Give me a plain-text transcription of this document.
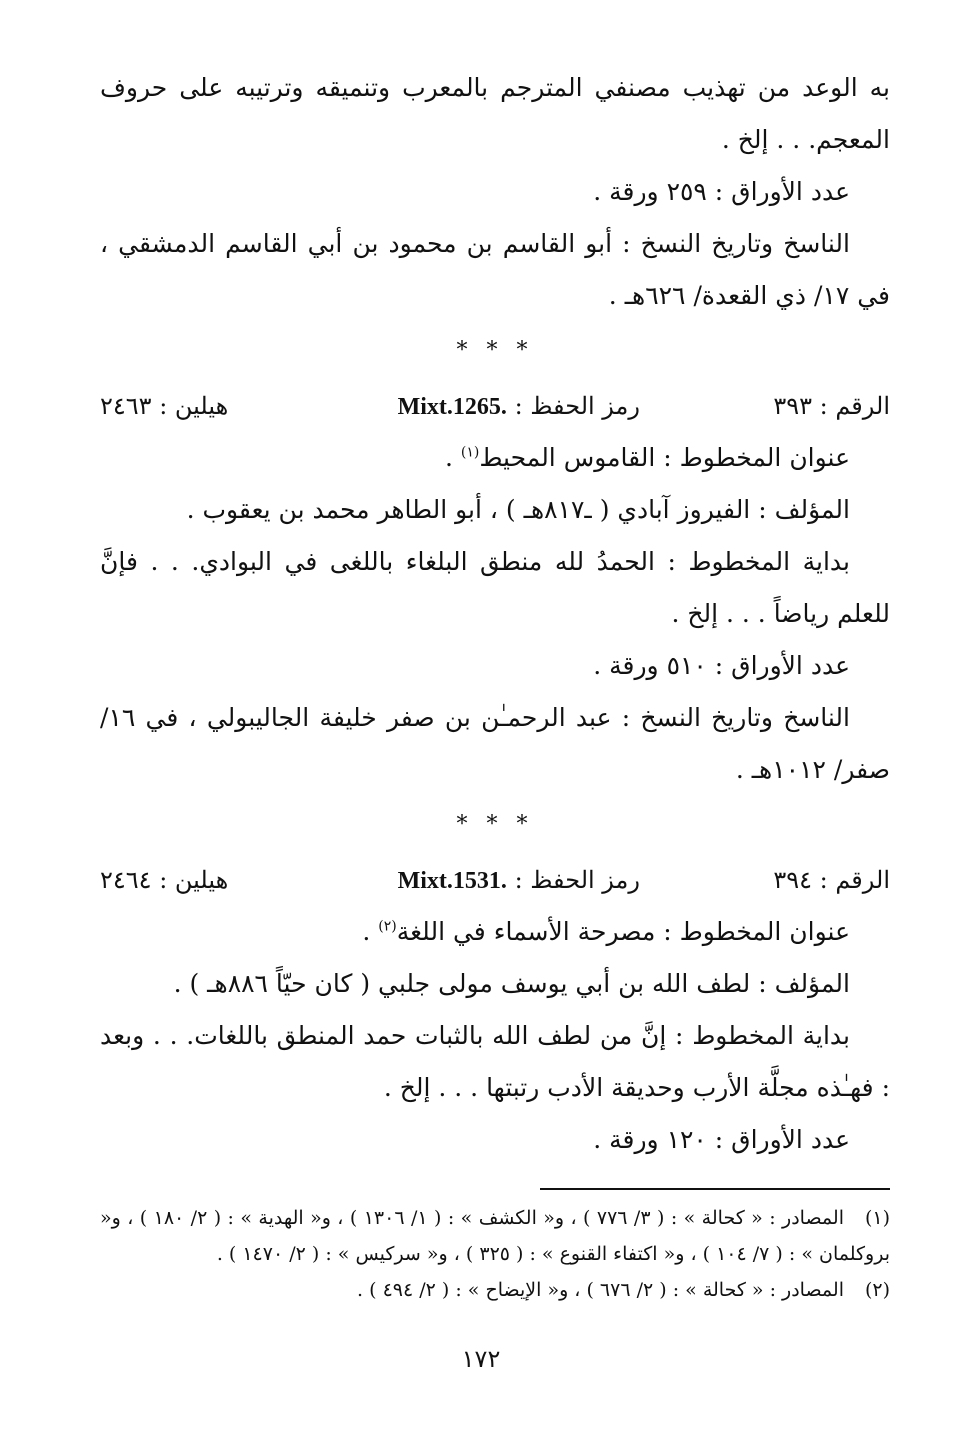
به الوعد من تهذيب مصنفي المترجم بالمعرب وتنميقه وترتيبه على حروف المعجم. . . إلخ .

عدد الأوراق : ٢٥٩ ورقة .

الناسخ وتاريخ النسخ : أبو القاسم بن محمود بن أبي القاسم الدمشقي ، في ١٧/ ذي القعدة/ ٦٢٦هـ .

* * *
الرقم : ٣٩٣
رمز الحفظ : Mixt.1265.
هيلين : ٢٤٦٣

عنوان المخطوط : القاموس المحيط$^{(١)}$ .

المؤلف : الفيروز آبادي ( ـ٨١٧هـ ) ، أبو الطاهر محمد بن يعقوب .

بداية المخطوط : الحمدُ لله منطق البلغاء باللغى في البوادي. . . فإنَّ للعلم رياضاً . . . إلخ .

عدد الأوراق : ٥١٠ ورقة .

الناسخ وتاريخ النسخ : عبد الرحمـٰن بن صفر خليفة الجاليبولي ، في ١٦/ صفر/ ١٠١٢هـ .

* * *
الرقم : ٣٩٤
رمز الحفظ : Mixt.1531.
هيلين : ٢٤٦٤

عنوان المخطوط : مصرحة الأسماء في اللغة$^{(٢)}$ .

المؤلف : لطف الله بن أبي يوسف مولى جلبي ( كان حيّاً ٨٨٦هـ ) .

بداية المخطوط : إنَّ من لطف الله بالثبات حمد المنطق باللغات. . . وبعد : فهـٰذه مجلَّة الأرب وحديقة الأدب رتبتها . . . إلخ .

عدد الأوراق : ١٢٠ ورقة .

(١)المصادر : « كحالة » : ( ٣/ ٧٧٦ ) ، و« الكشف » : ( ١/ ١٣٠٦ ) ، و« الهدية » : ( ٢/ ١٨٠ ) ، و« بروكلمان » : ( ٧/ ١٠٤ ) ، و« اكتفاء القنوع » : ( ٣٢٥ ) ، و« سركيس » : ( ٢/ ١٤٧٠ ) .

(٢)المصادر : « كحالة » : ( ٢/ ٦٧٦ ) ، و« الإيضاح » : ( ٢/ ٤٩٤ ) .

١٧٢
